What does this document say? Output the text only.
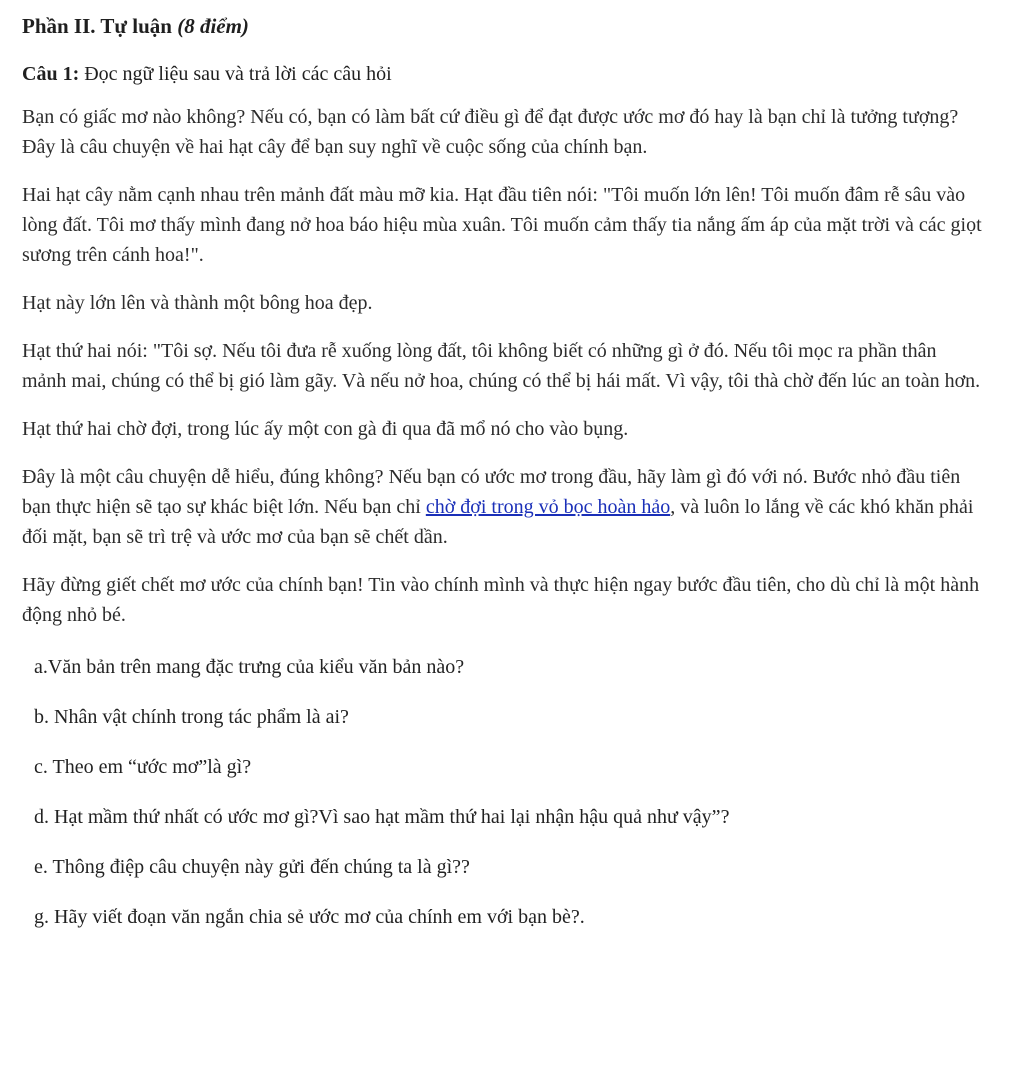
Phần II. Tự luận (8 điểm)

Câu 1: Đọc ngữ liệu sau và trả lời các câu hỏi

Bạn có giấc mơ nào không? Nếu có, bạn có làm bất cứ điều gì để đạt được ước mơ đó hay là bạn chỉ là tưởng tượng? Đây là câu chuyện về hai hạt cây để bạn suy nghĩ về cuộc sống của chính bạn.

Hai hạt cây nằm cạnh nhau trên mảnh đất màu mỡ kia. Hạt đầu tiên nói: "Tôi muốn lớn lên! Tôi muốn đâm rễ sâu vào lòng đất. Tôi mơ thấy mình đang nở hoa báo hiệu mùa xuân. Tôi muốn cảm thấy tia nắng ấm áp của mặt trời và các giọt sương trên cánh hoa!".

Hạt này lớn lên và thành một bông hoa đẹp.

Hạt thứ hai nói: "Tôi sợ. Nếu tôi đưa rễ xuống lòng đất, tôi không biết có những gì ở đó. Nếu tôi mọc ra phần thân mảnh mai, chúng có thể bị gió làm gãy. Và nếu nở hoa, chúng có thể bị hái mất. Vì vậy, tôi thà chờ đến lúc an toàn hơn.

Hạt thứ hai chờ đợi, trong lúc ấy một con gà đi qua đã mổ nó cho vào bụng.

Đây là một câu chuyện dễ hiểu, đúng không? Nếu bạn có ước mơ trong đầu, hãy làm gì đó với nó. Bước nhỏ đầu tiên bạn thực hiện sẽ tạo sự khác biệt lớn. Nếu bạn chỉ chờ đợi trong vỏ bọc hoàn hảo, và luôn lo lắng về các khó khăn phải đối mặt, bạn sẽ trì trệ và ước mơ của bạn sẽ chết dần.

Hãy đừng giết chết mơ ước của chính bạn! Tin vào chính mình và thực hiện ngay bước đầu tiên, cho dù chỉ là một hành động nhỏ bé.

a.Văn bản trên mang đặc trưng của kiểu văn bản nào?
b. Nhân vật chính trong tác phẩm là ai?
c. Theo em “ước mơ”là gì?
d. Hạt mầm thứ nhất có ước mơ gì?Vì sao hạt mầm thứ hai lại nhận hậu quả như vậy”?
e. Thông điệp câu chuyện này gửi đến chúng ta là gì??
g. Hãy viết đoạn văn ngắn chia sẻ ước mơ của chính em với bạn bè?.
